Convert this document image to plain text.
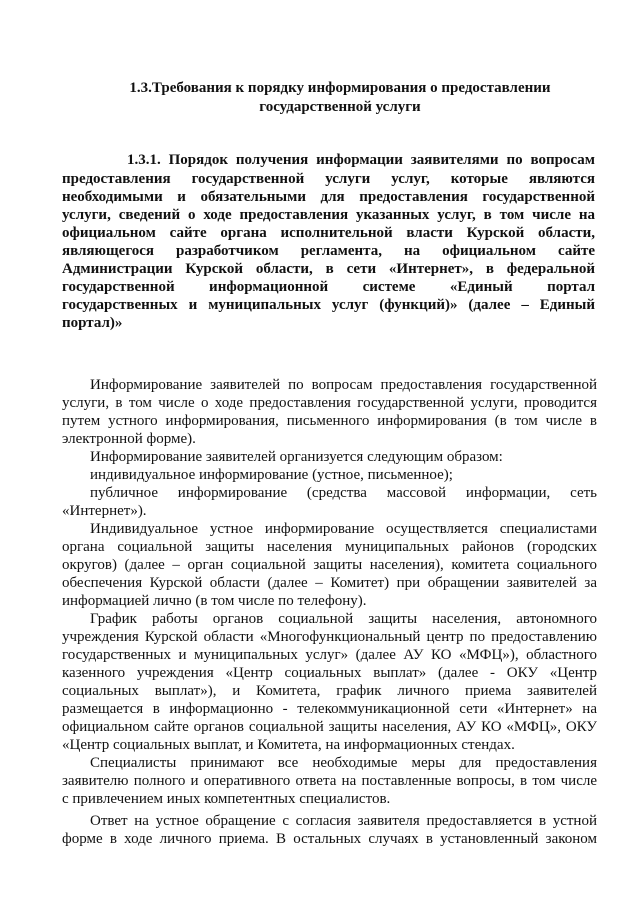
1.3.Требования к порядку информирования о предоставлении
государственной услуги
1.3.1. Порядок получения информации заявителями по вопросам
предоставления государственной услуги услуг, которые являются
необходимыми и обязательными для предоставления государственной
услуги, сведений о ходе предоставления указанных услуг, в том числе на
официальном сайте органа исполнительной власти Курской области,
являющегося разработчиком регламента, на официальном сайте
Администрации Курской области, в сети «Интернет», в федеральной
государственной информационной системе «Единый портал
государственных и муниципальных услуг (функций)» (далее – Единый
портал)»
Информирование заявителей по вопросам предоставления государственной
услуги, в том числе о ходе предоставления государственной услуги, проводится
путем устного информирования, письменного информирования (в том числе в
электронной форме).
Информирование заявителей организуется следующим образом:
индивидуальное информирование (устное, письменное);
публичное информирование (средства массовой информации, сеть
«Интернет»).
Индивидуальное устное информирование осуществляется специалистами
органа социальной защиты населения муниципальных районов (городских
округов) (далее – орган социальной защиты населения), комитета социального
обеспечения Курской области (далее – Комитет) при обращении заявителей за
информацией лично (в том числе по телефону).
График работы органов социальной защиты населения, автономного
учреждения Курской области «Многофункциональный центр по предоставлению
государственных и муниципальных услуг» (далее АУ КО «МФЦ»), областного
казенного учреждения «Центр социальных выплат» (далее - ОКУ «Центр
социальных выплат»), и Комитета, график личного приема заявителей
размещается в информационно - телекоммуникационной сети «Интернет» на
официальном сайте органов социальной защиты населения, АУ КО «МФЦ», ОКУ
«Центр социальных выплат, и Комитета, на информационных стендах.
Специалисты принимают все необходимые меры для предоставления
заявителю полного и оперативного ответа на поставленные вопросы, в том числе
с привлечением иных компетентных специалистов.
Ответ на устное обращение с согласия заявителя предоставляется в устной
форме в ходе личного приема. В остальных случаях в установленный законом
